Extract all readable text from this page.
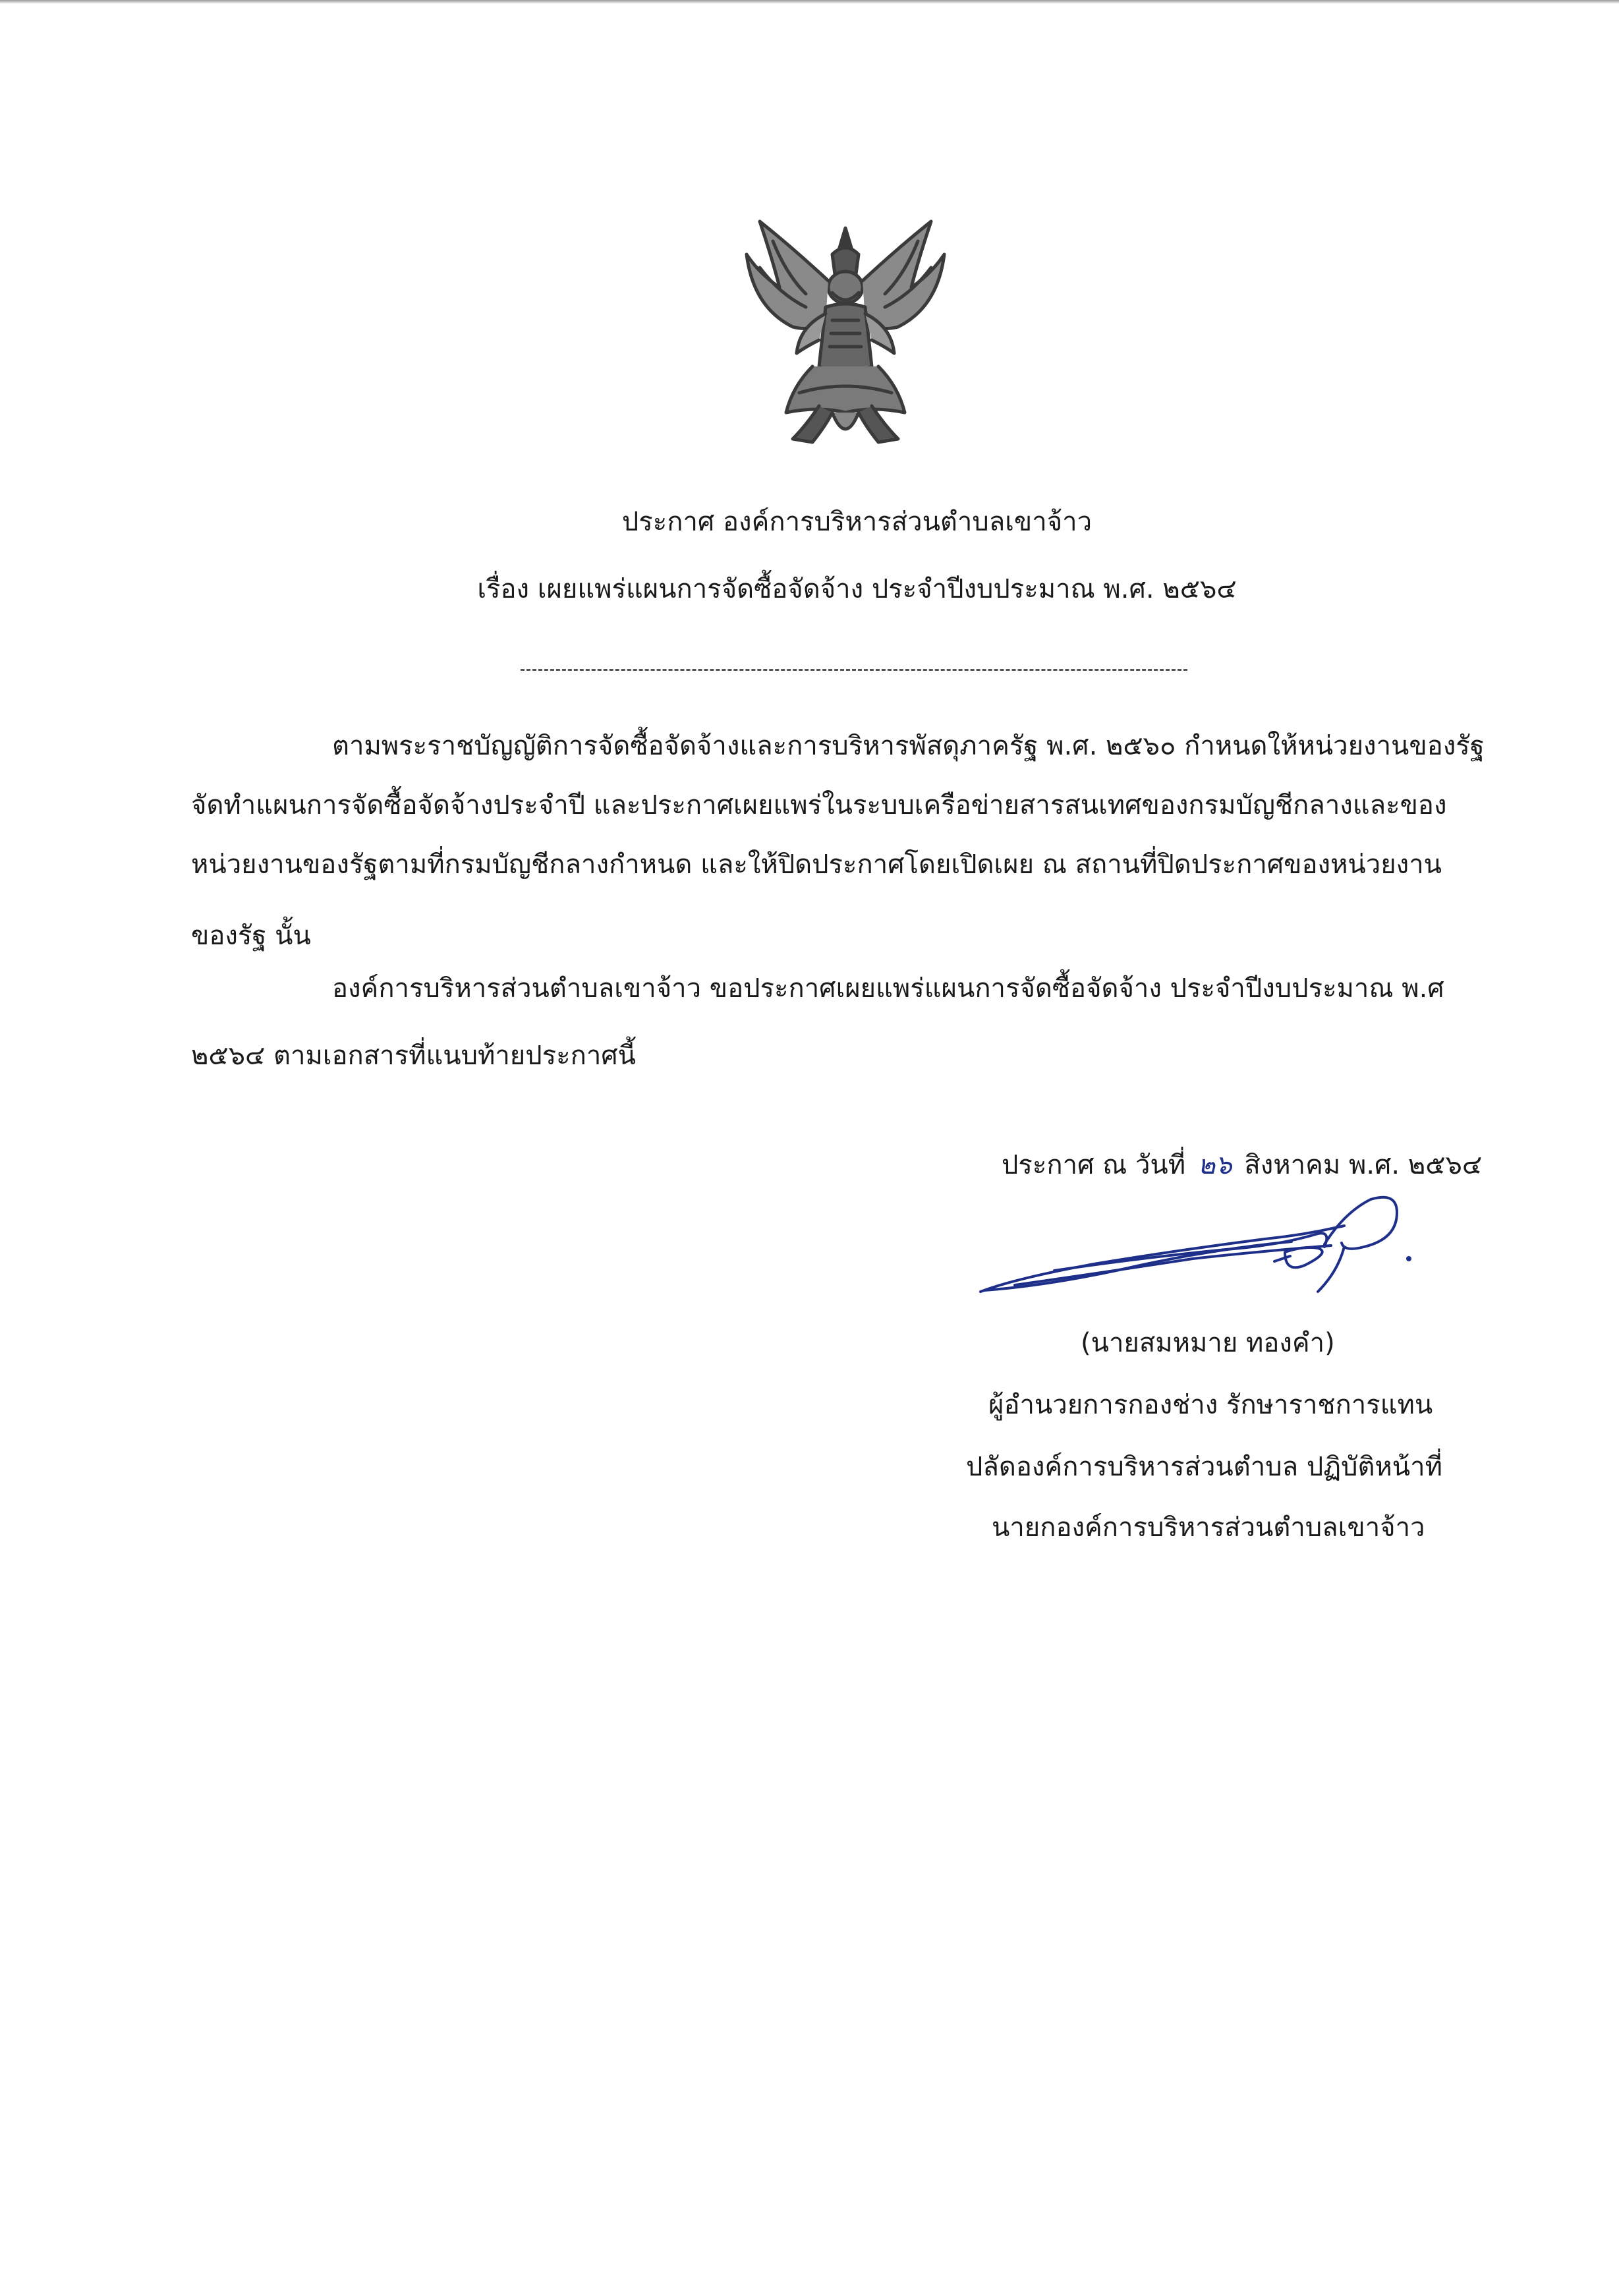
ประกาศ องค์การบริหารส่วนตำบลเขาจ้าว
เรื่อง เผยแพร่แผนการจัดซื้อจัดจ้าง ประจำปีงบประมาณ พ.ศ. ๒๕๖๔
ตามพระราชบัญญัติการจัดซื้อจัดจ้างและการบริหารพัสดุภาครัฐ พ.ศ. ๒๕๖๐ กำหนดให้หน่วยงานของรัฐ
จัดทำแผนการจัดซื้อจัดจ้างประจำปี และประกาศเผยแพร่ในระบบเครือข่ายสารสนเทศของกรมบัญชีกลางและของ
หน่วยงานของรัฐตามที่กรมบัญชีกลางกำหนด และให้ปิดประกาศโดยเปิดเผย ณ สถานที่ปิดประกาศของหน่วยงาน
ของรัฐ นั้น
องค์การบริหารส่วนตำบลเขาจ้าว ขอประกาศเผยแพร่แผนการจัดซื้อจัดจ้าง ประจำปีงบประมาณ พ.ศ
๒๕๖๔ ตามเอกสารที่แนบท้ายประกาศนี้
ประกาศ ณ วันที่ ๒๖ สิงหาคม พ.ศ. ๒๕๖๔
(นายสมหมาย ทองคำ)
ผู้อำนวยการกองช่าง รักษาราชการแทน
ปลัดองค์การบริหารส่วนตำบล ปฏิบัติหน้าที่
นายกองค์การบริหารส่วนตำบลเขาจ้าว
